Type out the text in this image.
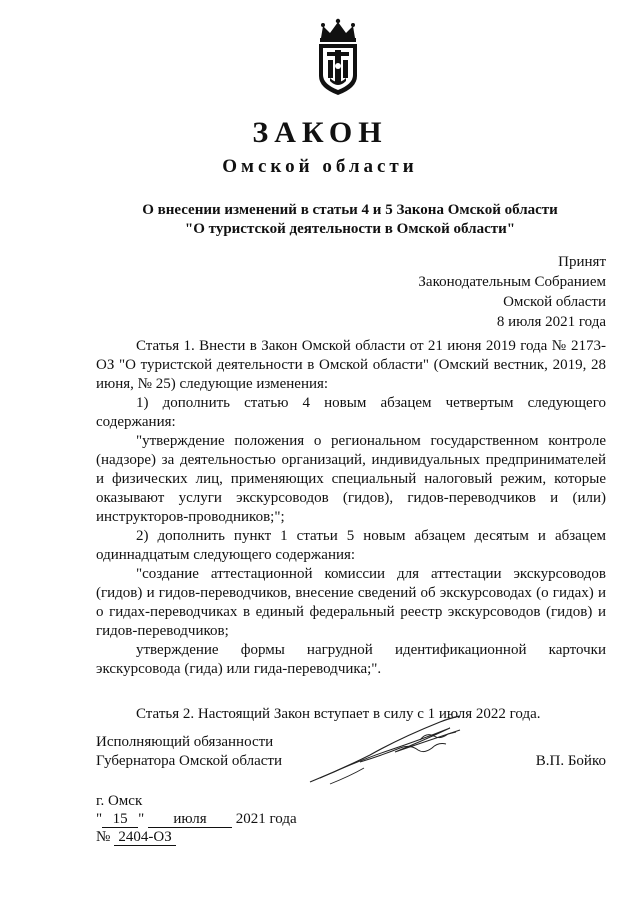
ЗАКОН
Омской области
О внесении изменений в статьи 4 и 5 Закона Омской области
"О туристской деятельности в Омской области"
Принят
Законодательным Собранием
Омской области
8 июля 2021 года

Статья 1. Внести в Закон Омской области от 21 июня 2019 года № 2173-ОЗ "О туристской деятельности в Омской области" (Омский вестник, 2019, 28 июня, № 25) следующие изменения:

1) дополнить статью 4 новым абзацем четвертым следующего содержания:

"утверждение положения о региональном государственном контроле (надзоре) за деятельностью организаций, индивидуальных предпринимателей и физических лиц, применяющих специальный налоговый режим, которые оказывают услуги экскурсоводов (гидов), гидов-переводчиков и (или) инструкторов-проводников;";

2) дополнить пункт 1 статьи 5 новым абзацем десятым и абзацем одиннадцатым следующего содержания:

"создание аттестационной комиссии для аттестации экскурсоводов (гидов) и гидов-переводчиков, внесение сведений об экскурсоводах (о гидах) и о гидах-переводчиках в единый федеральный реестр экскурсоводов (гидов) и гидов-переводчиков;

утверждение формы нагрудной идентификационной карточки экскурсовода (гида) или гида-переводчика;".

Статья 2. Настоящий Закон вступает в силу с 1 июля 2022 года.

Исполняющий обязанности
Губернатора Омской области	В.П. Бойко
г. Омск
" 15 " июля 2021 года
№ 2404-ОЗ
